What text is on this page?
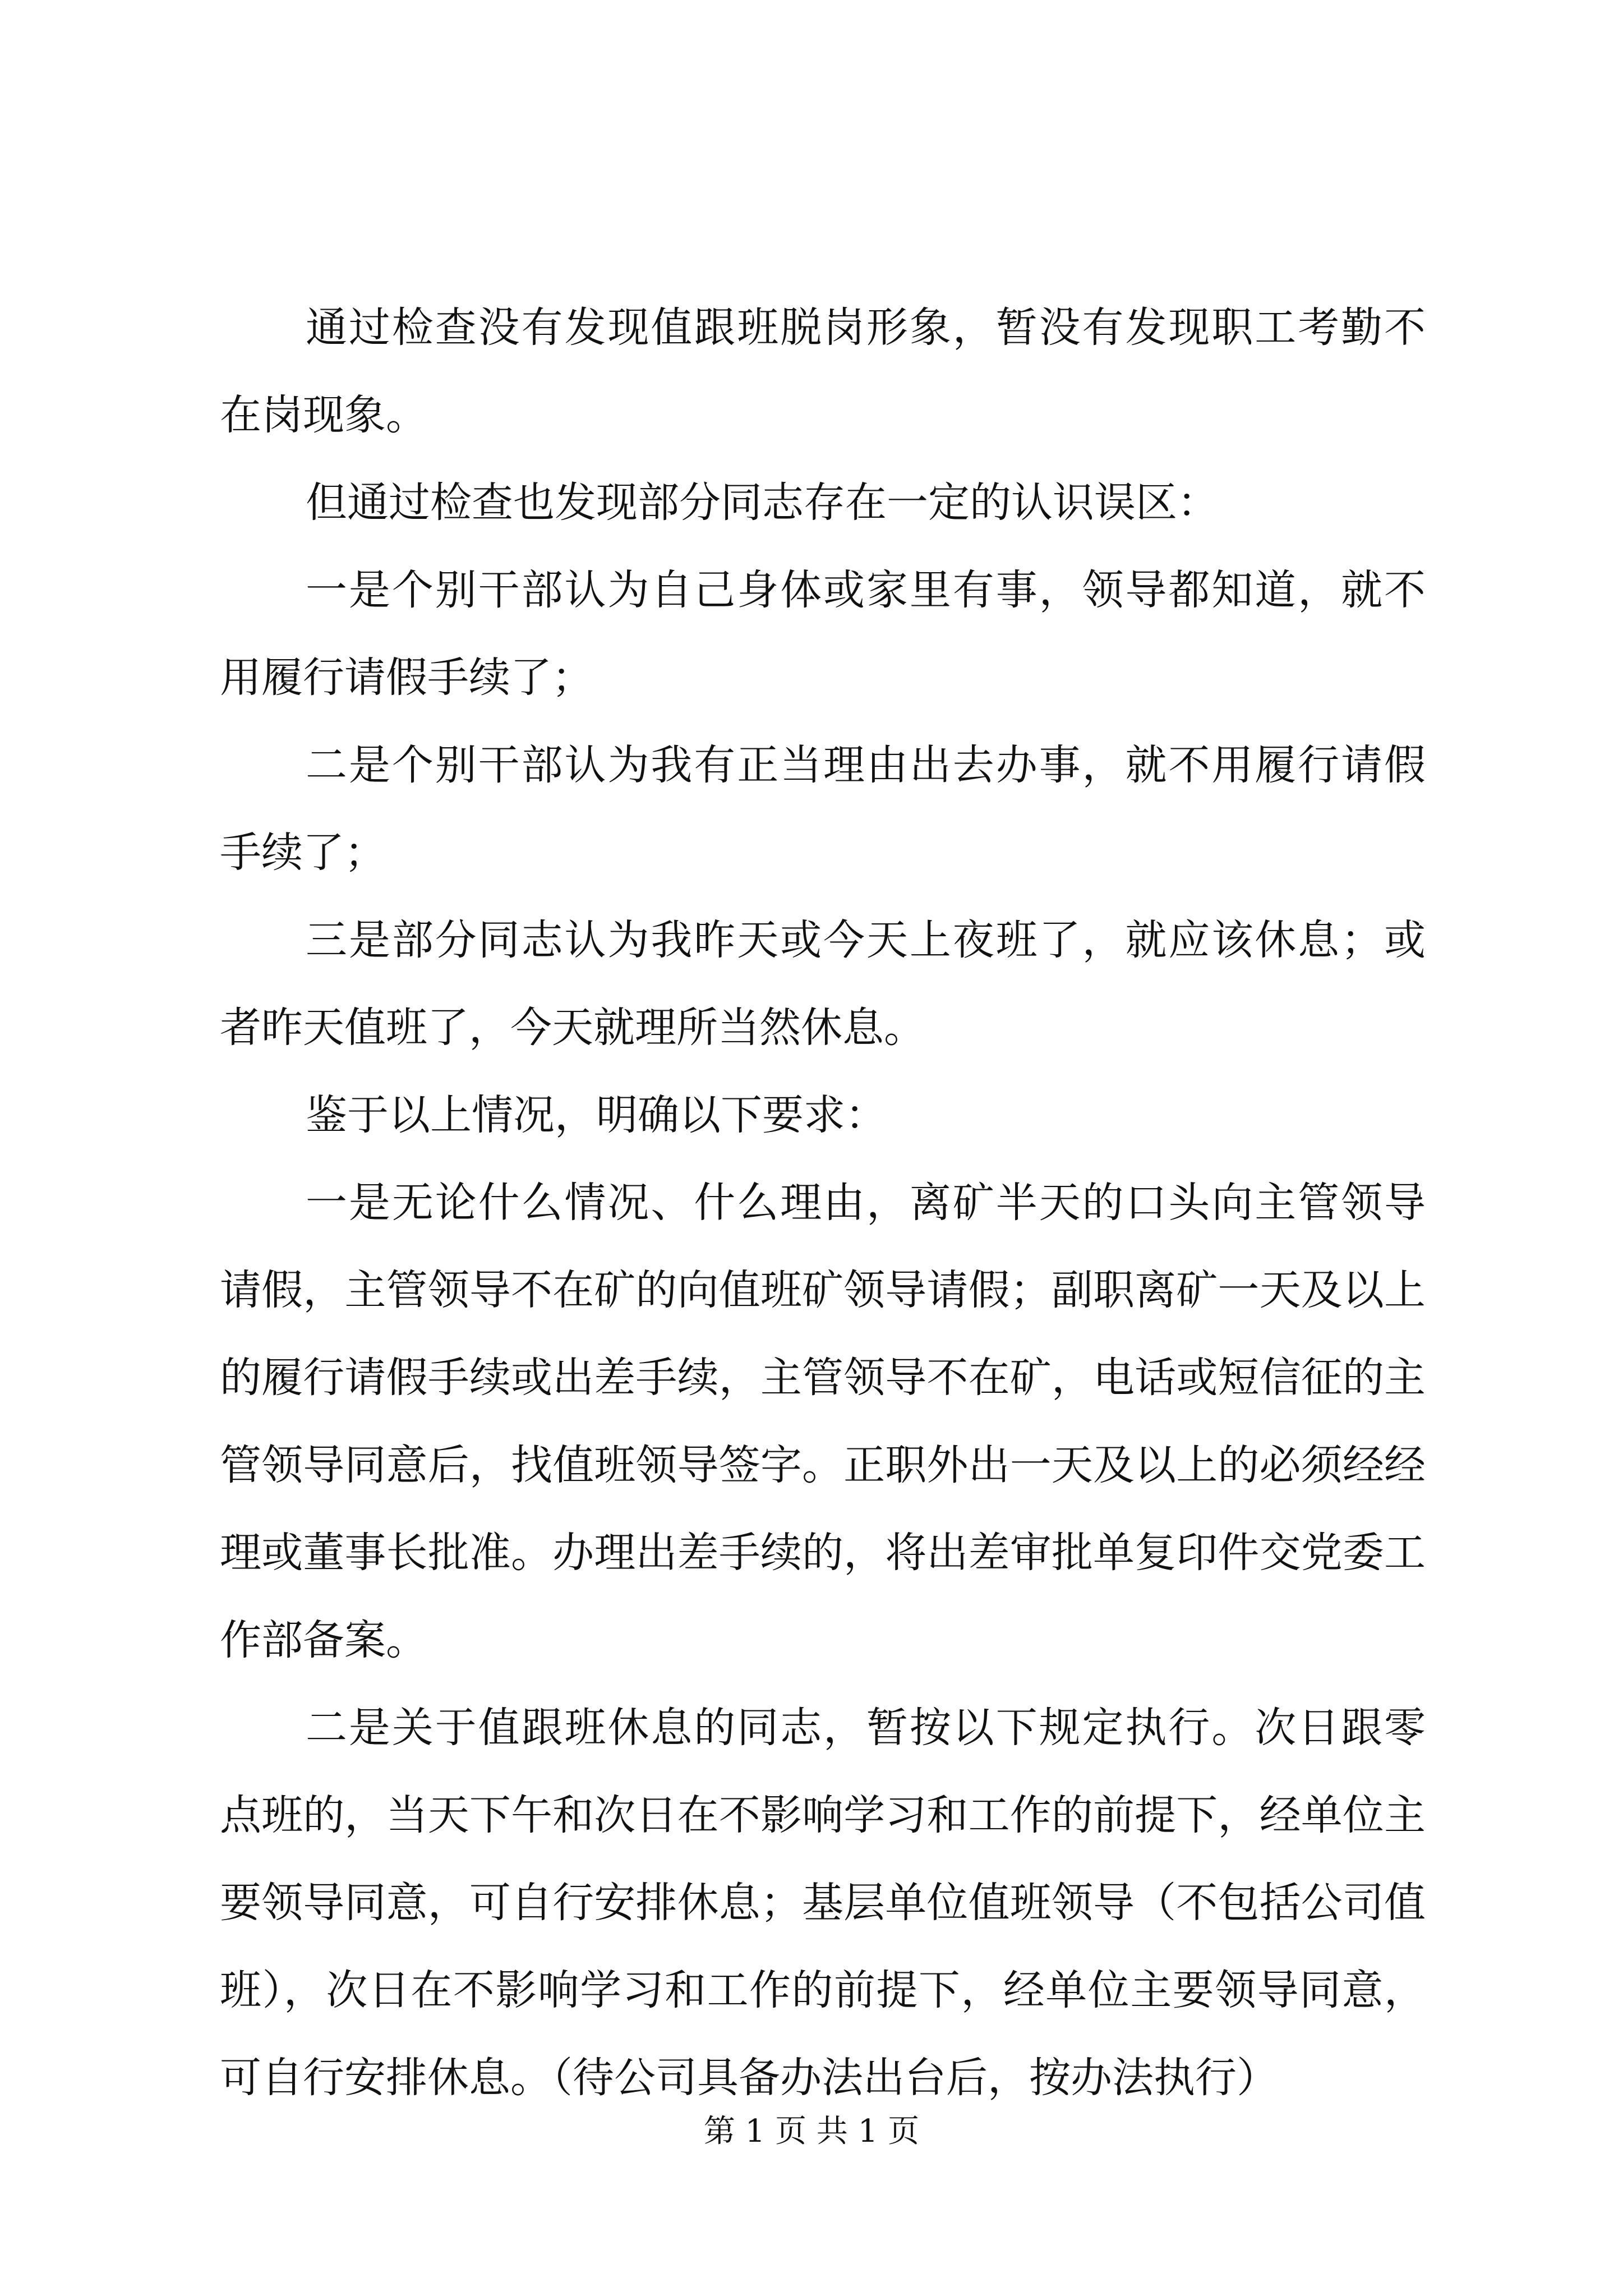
通过检查没有发现值跟班脱岗形象，暂没有发现职工考勤不在岗现象。

但通过检查也发现部分同志存在一定的认识误区：

一是个别干部认为自己身体或家里有事，领导都知道，就不用履行请假手续了；

二是个别干部认为我有正当理由出去办事，就不用履行请假手续了；

三是部分同志认为我昨天或今天上夜班了，就应该休息；或者昨天值班了，今天就理所当然休息。

鉴于以上情况，明确以下要求：

一是无论什么情况、什么理由，离矿半天的口头向主管领导请假，主管领导不在矿的向值班矿领导请假；副职离矿一天及以上的履行请假手续或出差手续，主管领导不在矿，电话或短信征的主管领导同意后，找值班领导签字。正职外出一天及以上的必须经经理或董事长批准。办理出差手续的，将出差审批单复印件交党委工作部备案。

二是关于值跟班休息的同志，暂按以下规定执行。次日跟零点班的，当天下午和次日在不影响学习和工作的前提下，经单位主要领导同意，可自行安排休息；基层单位值班领导（不包括公司值班），次日在不影响学习和工作的前提下，经单位主要领导同意，可自行安排休息。（待公司具备办法出台后，按办法执行）

第 1 页 共 1 页
